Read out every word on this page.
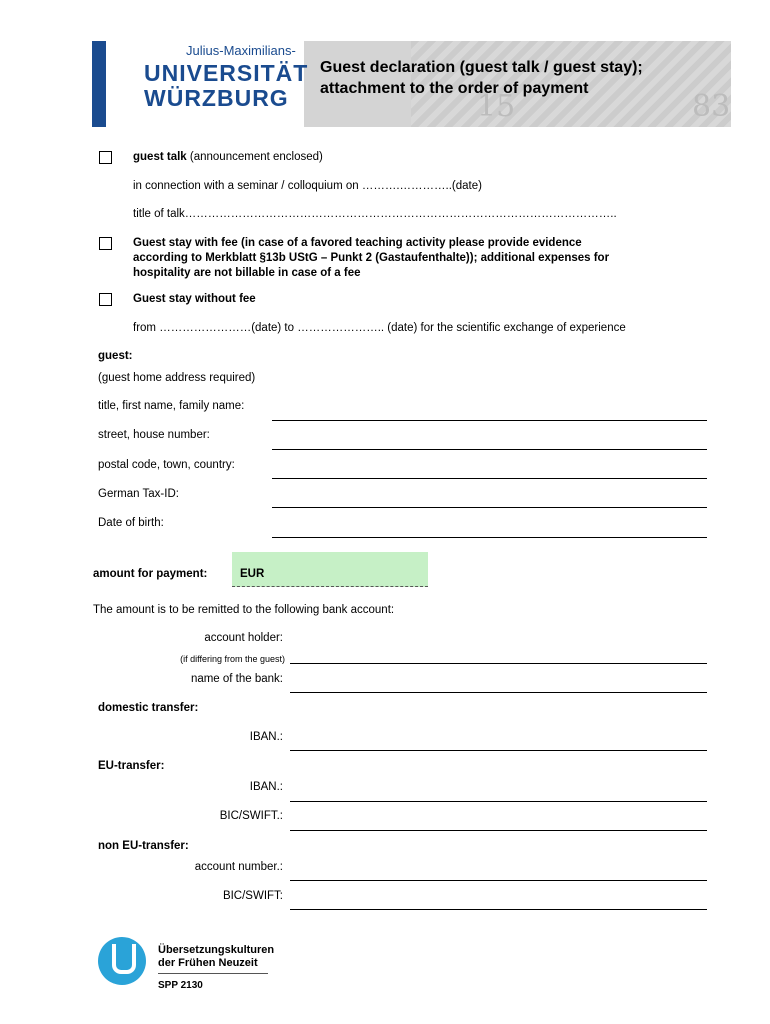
15	83
Julius-Maximilians-
UNIVERSITÄT
WÜRZBURG
Guest declaration (guest talk / guest stay);
attachment to the order of payment
guest talk (announcement enclosed)
in connection with a seminar / colloquium on ……….…………..(date)
title of talk…………………………………………………………………………………………………..
Guest stay with fee (in case of a favored teaching activity please provide evidence
according to Merkblatt §13b UStG – Punkt 2 (Gastaufenthalte)); additional expenses for
hospitality are not billable in case of a fee
Guest stay without fee
from ……………………(date) to ………………….. (date) for the scientific exchange of experience
guest:
(guest home address required)
title, first name, family name:
street, house number:
postal code, town, country:
German Tax-ID:
Date of birth:
amount for payment:	EUR
The amount is to be remitted to the following bank account:
account holder:
(if differing from the guest)
name of the bank:
domestic transfer:
IBAN.:
EU-transfer:
IBAN.:
BIC/SWIFT.:
non EU-transfer:
account number.:
BIC/SWIFT:
Übersetzungskulturen
der Frühen Neuzeit
SPP 2130
